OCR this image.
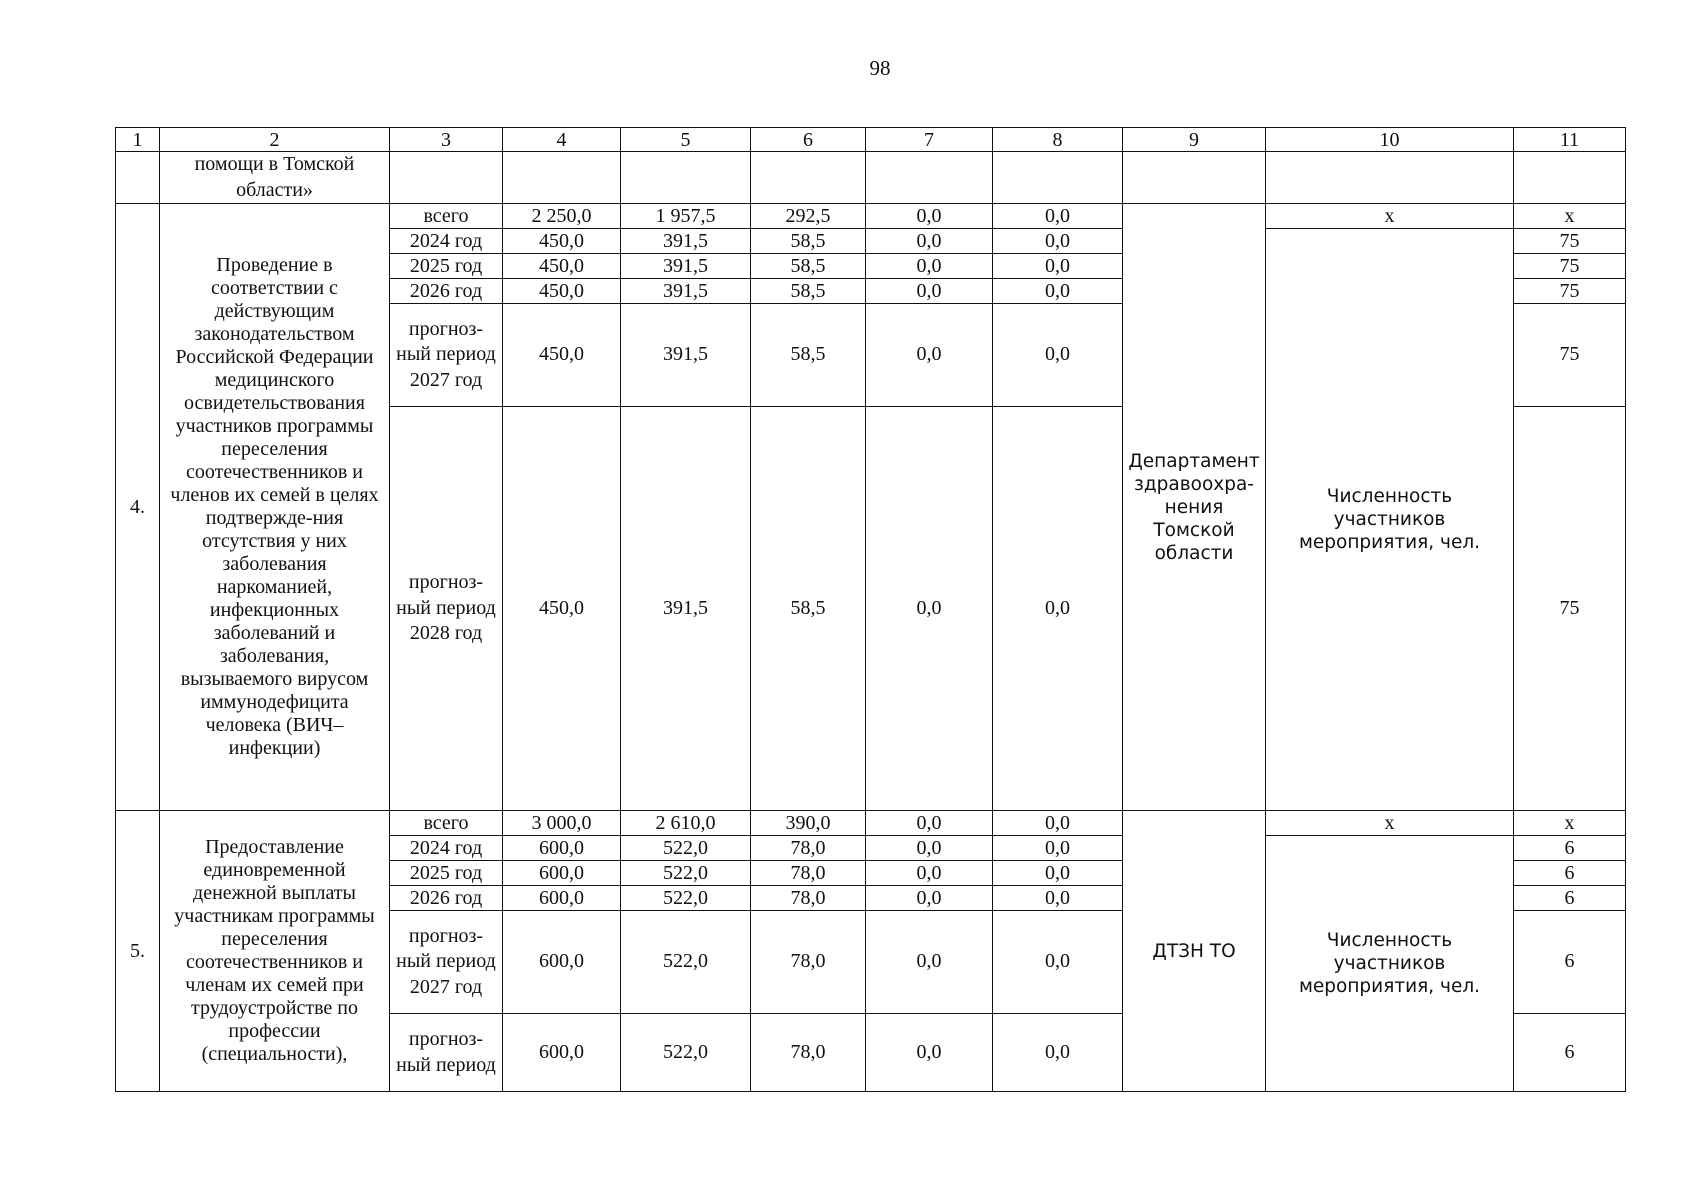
98
1	2	3	4	5	6	7	8	9	10	11
	помощи в Томской области»									
4.	Проведение в соответствии с действующим законодательством Российской Федерации медицинского освидетельствования участников программы переселения соотечественников и членов их семей в целях подтвержде-ния отсутствия у них заболевания наркоманией, инфекционных заболеваний и заболевания, вызываемого вирусом иммунодефицита человека (ВИЧ–инфекции)	всего	2 250,0	1 957,5	292,5	0,0	0,0	Департамент здравоохра-нения Томской области	х	х
		2024 год	450,0	391,5	58,5	0,0	0,0		Численность участников мероприятия, чел.	75
		2025 год	450,0	391,5	58,5	0,0	0,0			75
		2026 год	450,0	391,5	58,5	0,0	0,0			75
		прогноз-ный период 2027 год	450,0	391,5	58,5	0,0	0,0			75
		прогноз-ный период 2028 год	450,0	391,5	58,5	0,0	0,0			75
5.	Предоставление единовременной денежной выплаты участникам программы переселения соотечественников и членам их семей при трудоустройстве по профессии (специальности),	всего	3 000,0	2 610,0	390,0	0,0	0,0	ДТЗН ТО	х	х
		2024 год	600,0	522,0	78,0	0,0	0,0		Численность участников мероприятия, чел.	6
		2025 год	600,0	522,0	78,0	0,0	0,0			6
		2026 год	600,0	522,0	78,0	0,0	0,0			6
		прогноз-ный период 2027 год	600,0	522,0	78,0	0,0	0,0			6
		прогноз-ный период	600,0	522,0	78,0	0,0	0,0			6
